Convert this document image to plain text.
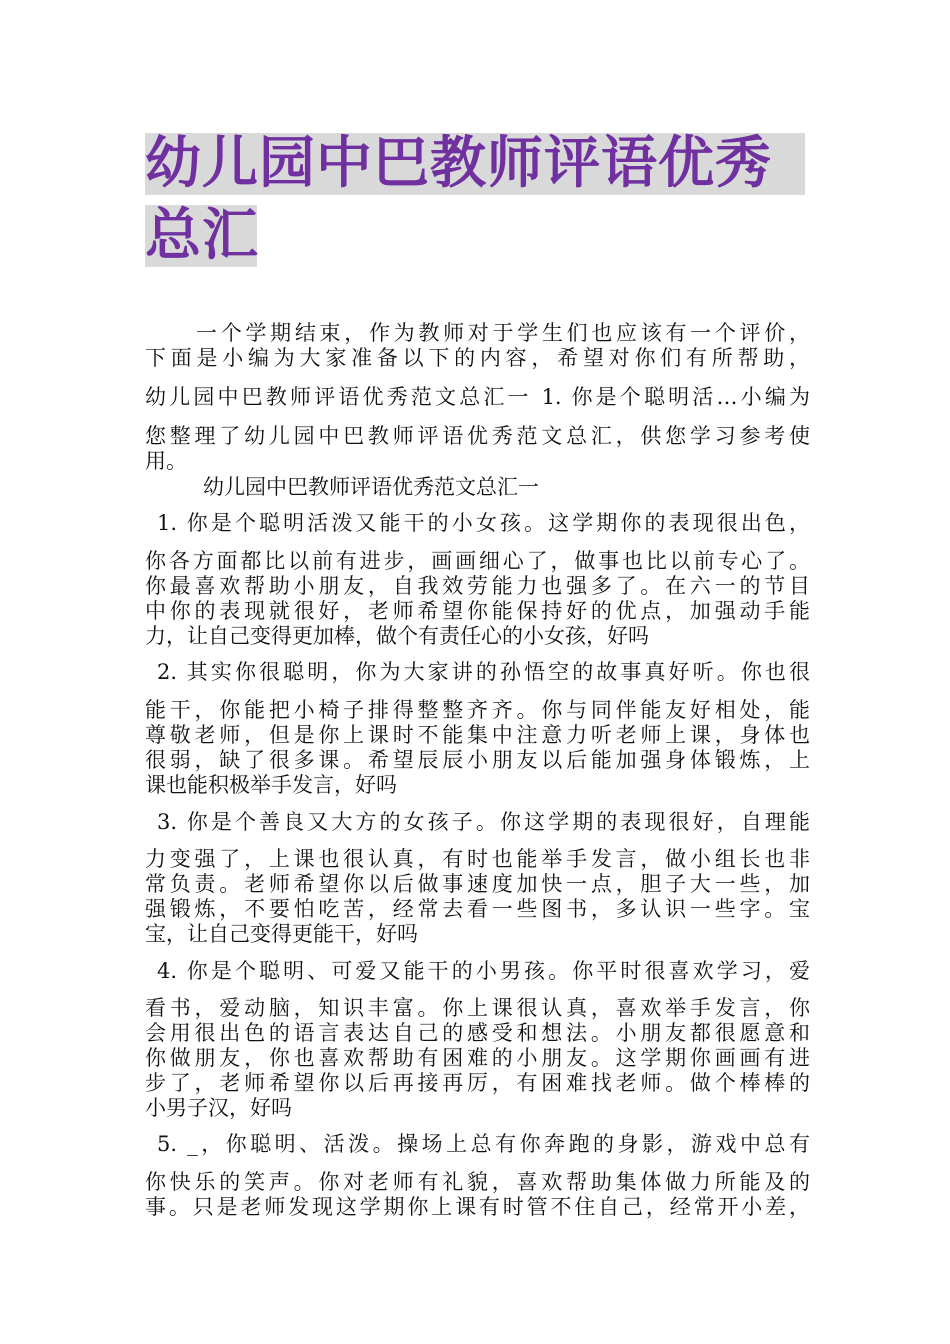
幼儿园中巴教师评语优秀
总汇
一个学期结束，作为教师对于学生们也应该有一个评价，
下面是小编为大家准备以下的内容，希望对你们有所帮助，
幼儿园中巴教师评语优秀范文总汇一 1. 你是个聪明活…小编为
您整理了幼儿园中巴教师评语优秀范文总汇，供您学习参考使
用。
幼儿园中巴教师评语优秀范文总汇一
1. 你是个聪明活泼又能干的小女孩。这学期你的表现很出色，
你各方面都比以前有进步，画画细心了，做事也比以前专心了。
你最喜欢帮助小朋友，自我效劳能力也强多了。在六一的节目
中你的表现就很好，老师希望你能保持好的优点，加强动手能
力，让自己变得更加棒，做个有责任心的小女孩，好吗
2. 其实你很聪明，你为大家讲的孙悟空的故事真好听。你也很
能干，你能把小椅子排得整整齐齐。你与同伴能友好相处，能
尊敬老师，但是你上课时不能集中注意力听老师上课，身体也
很弱，缺了很多课。希望辰辰小朋友以后能加强身体锻炼，上
课也能积极举手发言，好吗
3. 你是个善良又大方的女孩子。你这学期的表现很好，自理能
力变强了，上课也很认真，有时也能举手发言，做小组长也非
常负责。老师希望你以后做事速度加快一点，胆子大一些，加
强锻炼，不要怕吃苦，经常去看一些图书，多认识一些字。宝
宝，让自己变得更能干，好吗
4. 你是个聪明、可爱又能干的小男孩。你平时很喜欢学习，爱
看书，爱动脑，知识丰富。你上课很认真，喜欢举手发言，你
会用很出色的语言表达自己的感受和想法。小朋友都很愿意和
你做朋友，你也喜欢帮助有困难的小朋友。这学期你画画有进
步了，老师希望你以后再接再厉，有困难找老师。做个棒棒的
小男子汉，好吗
5. _，你聪明、活泼。操场上总有你奔跑的身影，游戏中总有
你快乐的笑声。你对老师有礼貌，喜欢帮助集体做力所能及的
事。只是老师发现这学期你上课有时管不住自己，经常开小差，
